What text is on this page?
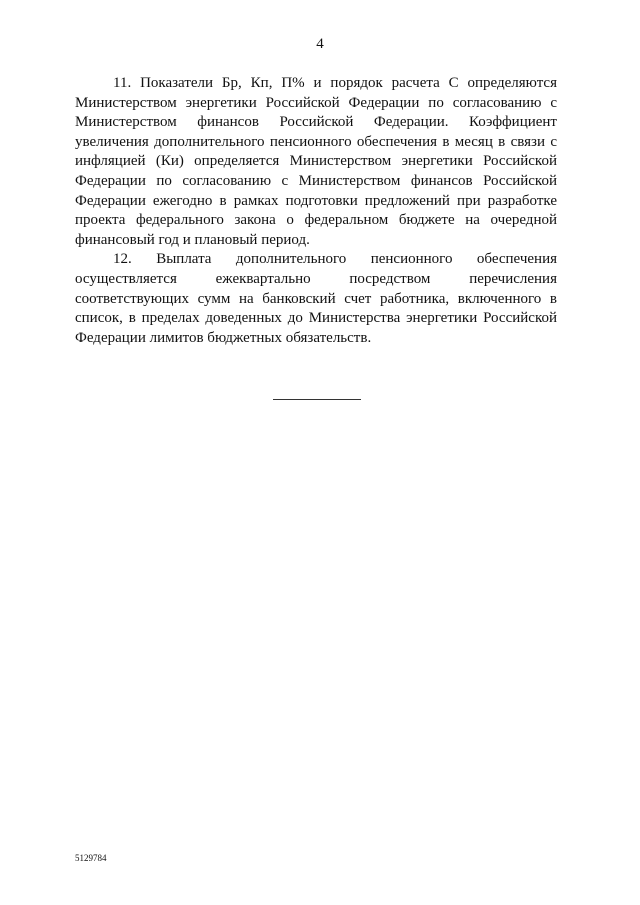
4

11. Показатели Бр, Кп, П% и порядок расчета С определяются Министерством энергетики Российской Федерации по согласованию с Министерством финансов Российской Федерации. Коэффициент увеличения дополнительного пенсионного обеспечения в месяц в связи с инфляцией (Ки) определяется Министерством энергетики Российской Федерации по согласованию с Министерством финансов Российской Федерации ежегодно в рамках подготовки предложений при разработке проекта федерального закона о федеральном бюджете на очередной финансовый год и плановый период.

12. Выплата дополнительного пенсионного обеспечения осуществляется ежеквартально посредством перечисления соответствующих сумм на банковский счет работника, включенного в список, в пределах доведенных до Министерства энергетики Российской Федерации лимитов бюджетных обязательств.

5129784
